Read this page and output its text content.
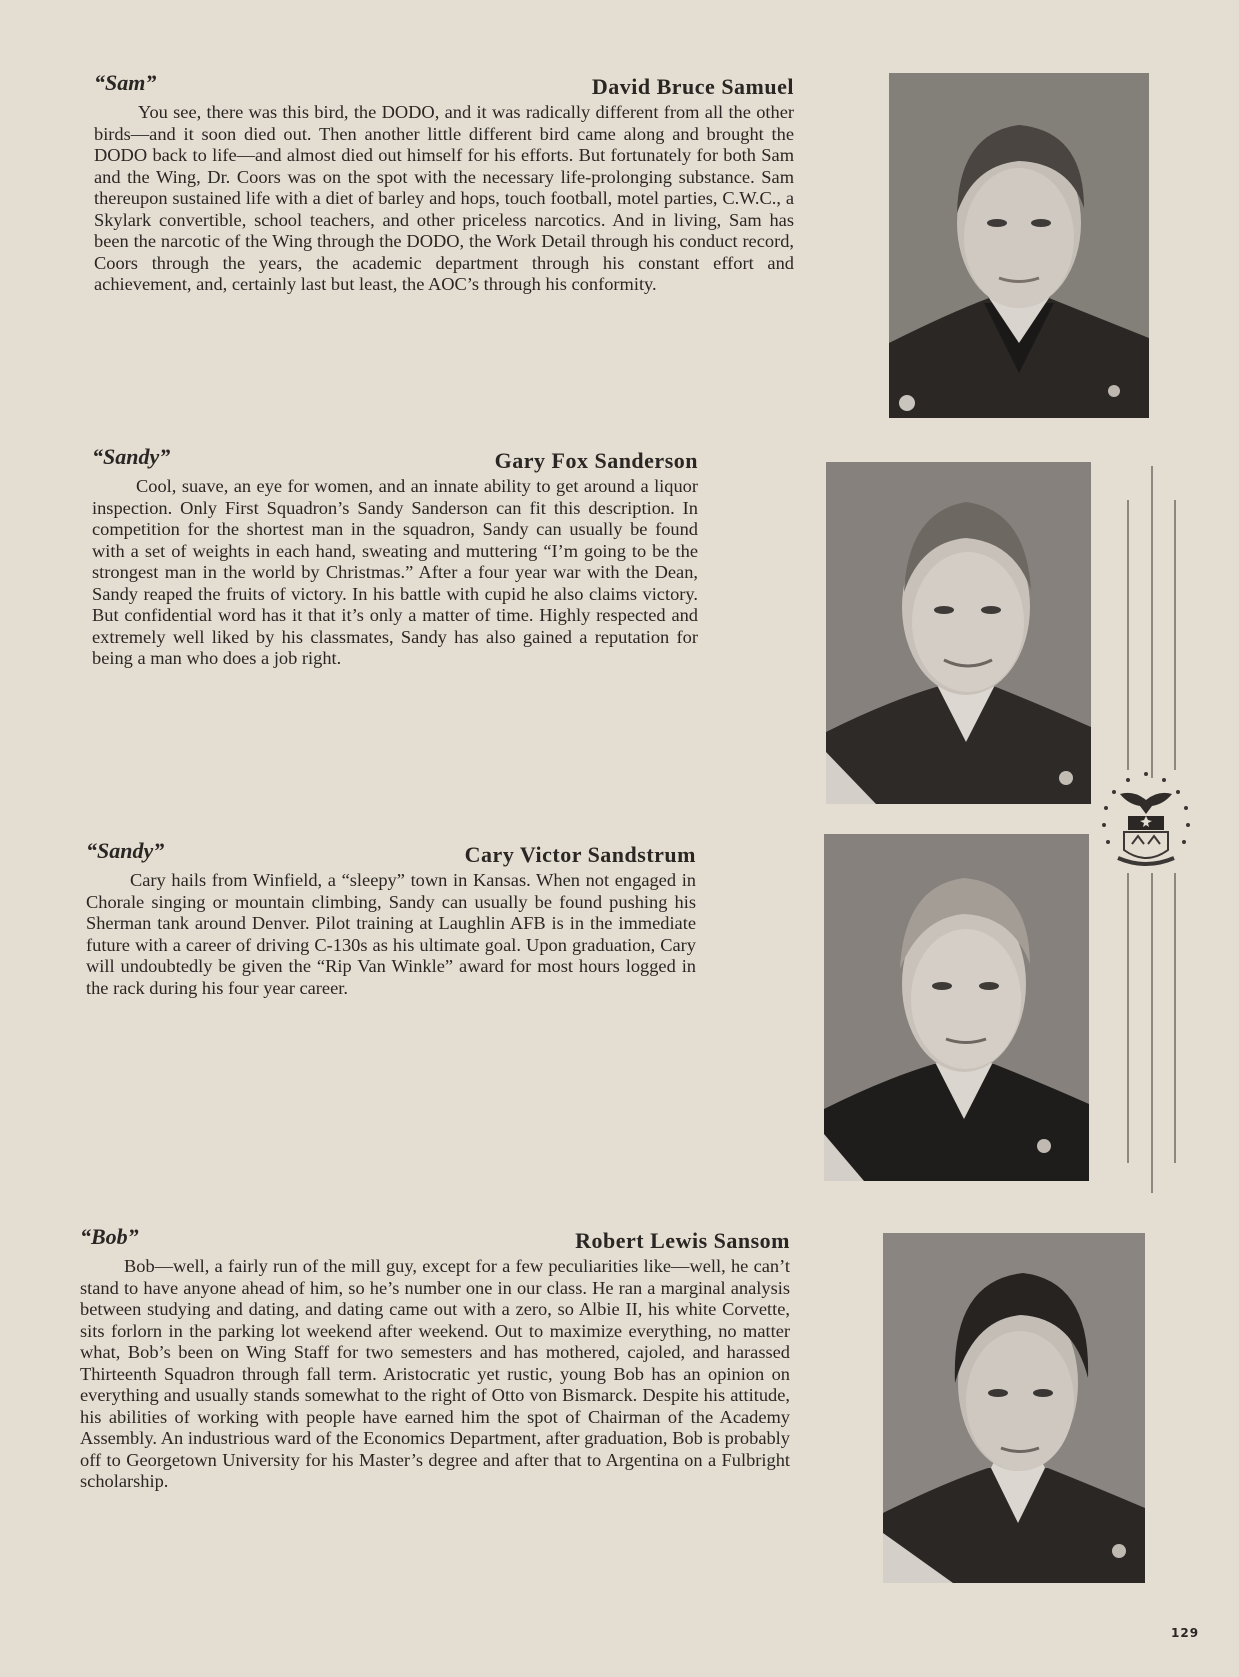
“Sam”	David Bruce Samuel
You see, there was this bird, the DODO, and it was radically different from all the other birds—and it soon died out. Then another little different bird came along and brought the DODO back to life—and almost died out himself for his efforts. But fortunately for both Sam and the Wing, Dr. Coors was on the spot with the necessary life-prolonging substance. Sam thereupon sustained life with a diet of barley and hops, touch football, motel parties, C.W.C., a Skylark convertible, school teachers, and other priceless narcotics. And in living, Sam has been the narcotic of the Wing through the DODO, the Work Detail through his conduct record, Coors through the years, the academic department through his constant effort and achievement, and, certainly last but least, the AOC’s through his conformity.
“Sandy”	Gary Fox Sanderson
Cool, suave, an eye for women, and an innate ability to get around a liquor inspection. Only First Squadron’s Sandy Sanderson can fit this description. In competition for the shortest man in the squadron, Sandy can usually be found with a set of weights in each hand, sweating and muttering “I’m going to be the strongest man in the world by Christmas.” After a four year war with the Dean, Sandy reaped the fruits of victory. In his battle with cupid he also claims victory. But confidential word has it that it’s only a matter of time. Highly respected and extremely well liked by his classmates, Sandy has also gained a reputation for being a man who does a job right.
“Sandy”	Cary Victor Sandstrum
Cary hails from Winfield, a “sleepy” town in Kansas. When not engaged in Chorale singing or mountain climbing, Sandy can usually be found pushing his Sherman tank around Denver. Pilot training at Laughlin AFB is in the immediate future with a career of driving C-130s as his ultimate goal. Upon graduation, Cary will undoubtedly be given the “Rip Van Winkle” award for most hours logged in the rack during his four year career.
“Bob”	Robert Lewis Sansom
Bob—well, a fairly run of the mill guy, except for a few peculiarities like—well, he can’t stand to have anyone ahead of him, so he’s number one in our class. He ran a marginal analysis between studying and dating, and dating came out with a zero, so Albie II, his white Corvette, sits forlorn in the parking lot weekend after weekend. Out to maximize everything, no matter what, Bob’s been on Wing Staff for two semesters and has mothered, cajoled, and harassed Thirteenth Squadron through fall term. Aristocratic yet rustic, young Bob has an opinion on everything and usually stands somewhat to the right of Otto von Bismarck. Despite his attitude, his abilities of working with people have earned him the spot of Chairman of the Academy Assembly. An industrious ward of the Economics Department, after graduation, Bob is probably off to Georgetown University for his Master’s degree and after that to Argentina on a Fulbright scholarship.
129
